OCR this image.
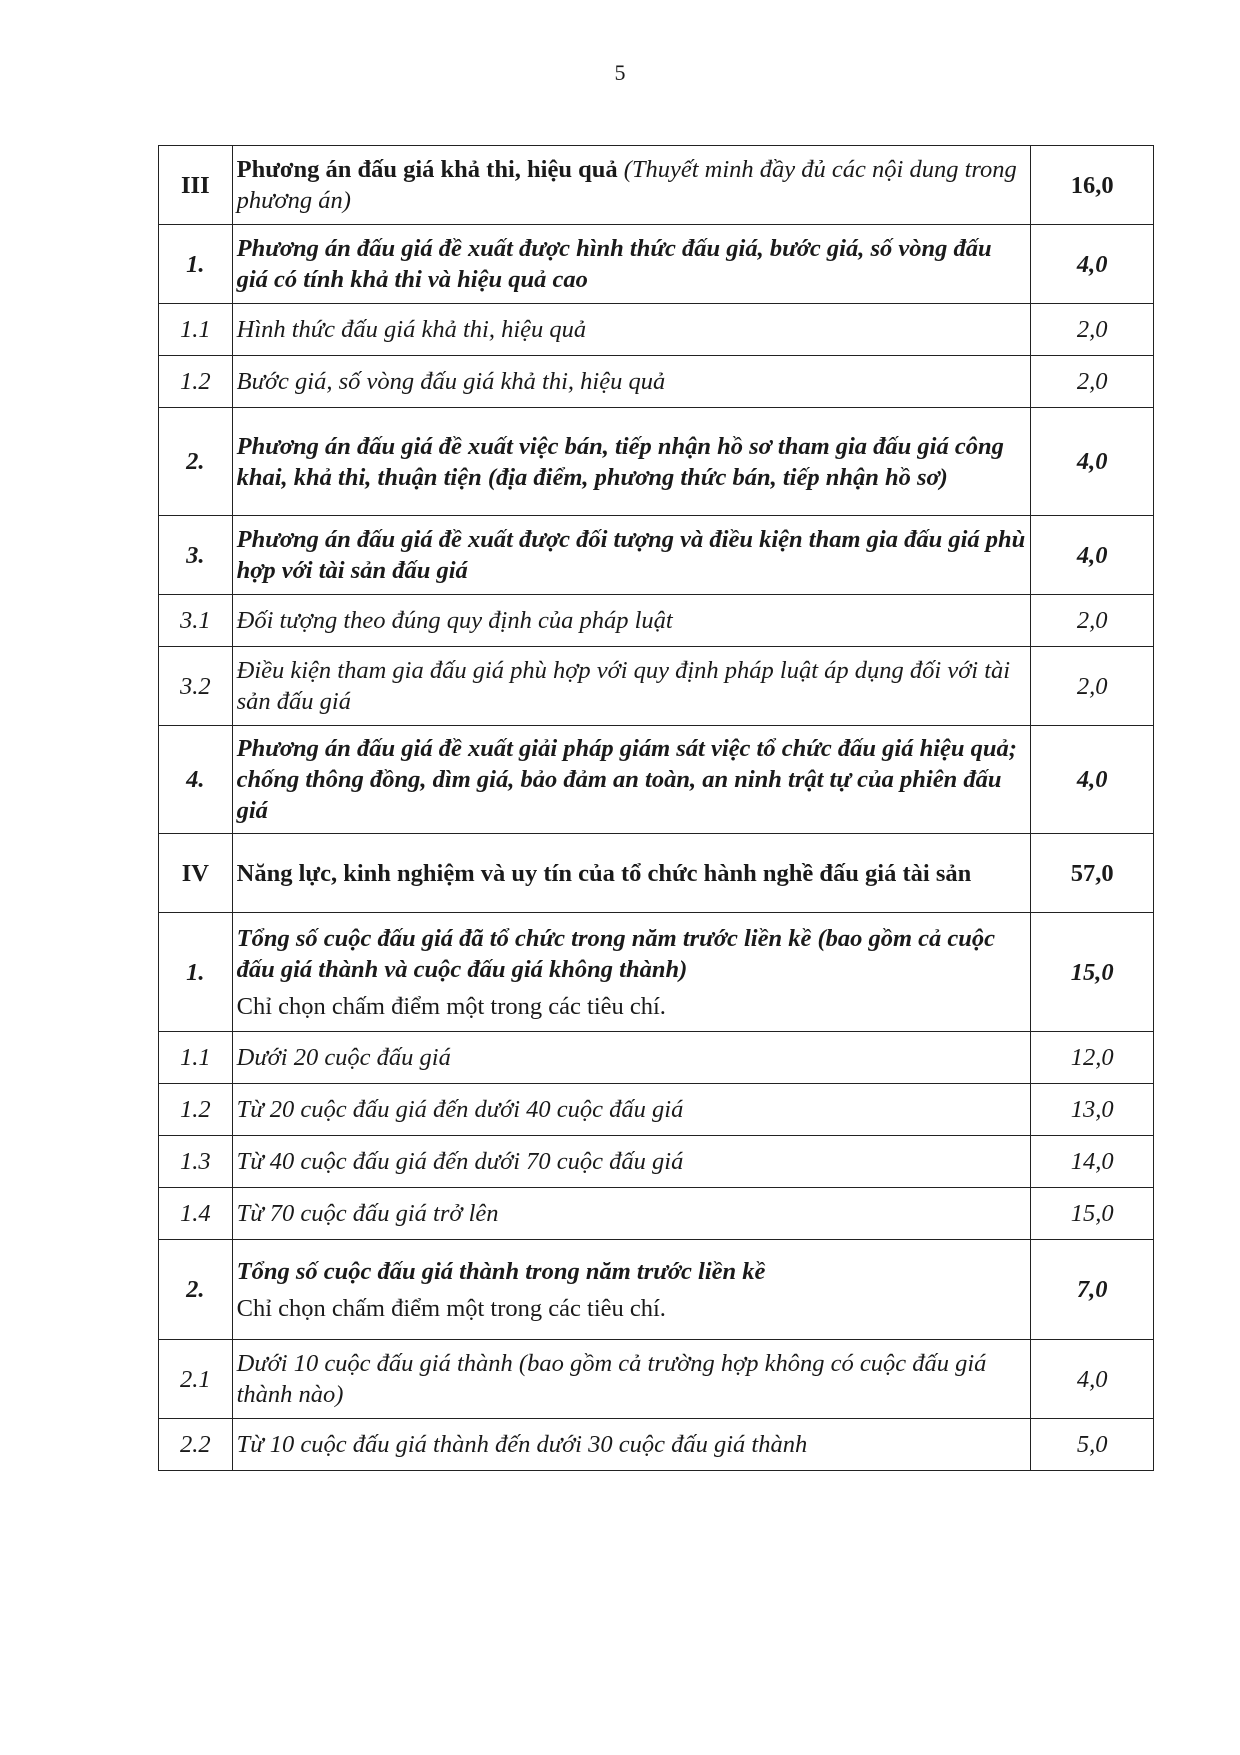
5
III	Phương án đấu giá khả thi, hiệu quả (Thuyết minh đầy đủ các nội dung trong phương án)	16,0
1.	Phương án đấu giá đề xuất được hình thức đấu giá, bước giá, số vòng đấu giá có tính khả thi và hiệu quả cao	4,0
1.1	Hình thức đấu giá khả thi, hiệu quả	2,0
1.2	Bước giá, số vòng đấu giá khả thi, hiệu quả	2,0
2.	Phương án đấu giá đề xuất việc bán, tiếp nhận hồ sơ tham gia đấu giá công khai, khả thi, thuận tiện (địa điểm, phương thức bán, tiếp nhận hồ sơ)	4,0
3.	Phương án đấu giá đề xuất được đối tượng và điều kiện tham gia đấu giá phù hợp với tài sản đấu giá	4,0
3.1	Đối tượng theo đúng quy định của pháp luật	2,0
3.2	Điều kiện tham gia đấu giá phù hợp với quy định pháp luật áp dụng đối với tài sản đấu giá	2,0
4.	Phương án đấu giá đề xuất giải pháp giám sát việc tổ chức đấu giá hiệu quả; chống thông đồng, dìm giá, bảo đảm an toàn, an ninh trật tự của phiên đấu giá	4,0
IV	Năng lực, kinh nghiệm và uy tín của tổ chức hành nghề đấu giá tài sản	57,0
1.	Tổng số cuộc đấu giá đã tổ chức trong năm trước liền kề (bao gồm cả cuộc đấu giá thành và cuộc đấu giá không thành)
Chỉ chọn chấm điểm một trong các tiêu chí.	15,0
1.1	Dưới 20 cuộc đấu giá	12,0
1.2	Từ 20 cuộc đấu giá đến dưới 40 cuộc đấu giá	13,0
1.3	Từ 40 cuộc đấu giá đến dưới 70 cuộc đấu giá	14,0
1.4	Từ 70 cuộc đấu giá trở lên	15,0
2.	Tổng số cuộc đấu giá thành trong năm trước liền kề
Chỉ chọn chấm điểm một trong các tiêu chí.	7,0
2.1	Dưới 10 cuộc đấu giá thành (bao gồm cả trường hợp không có cuộc đấu giá thành nào)	4,0
2.2	Từ 10 cuộc đấu giá thành đến dưới 30 cuộc đấu giá thành	5,0
